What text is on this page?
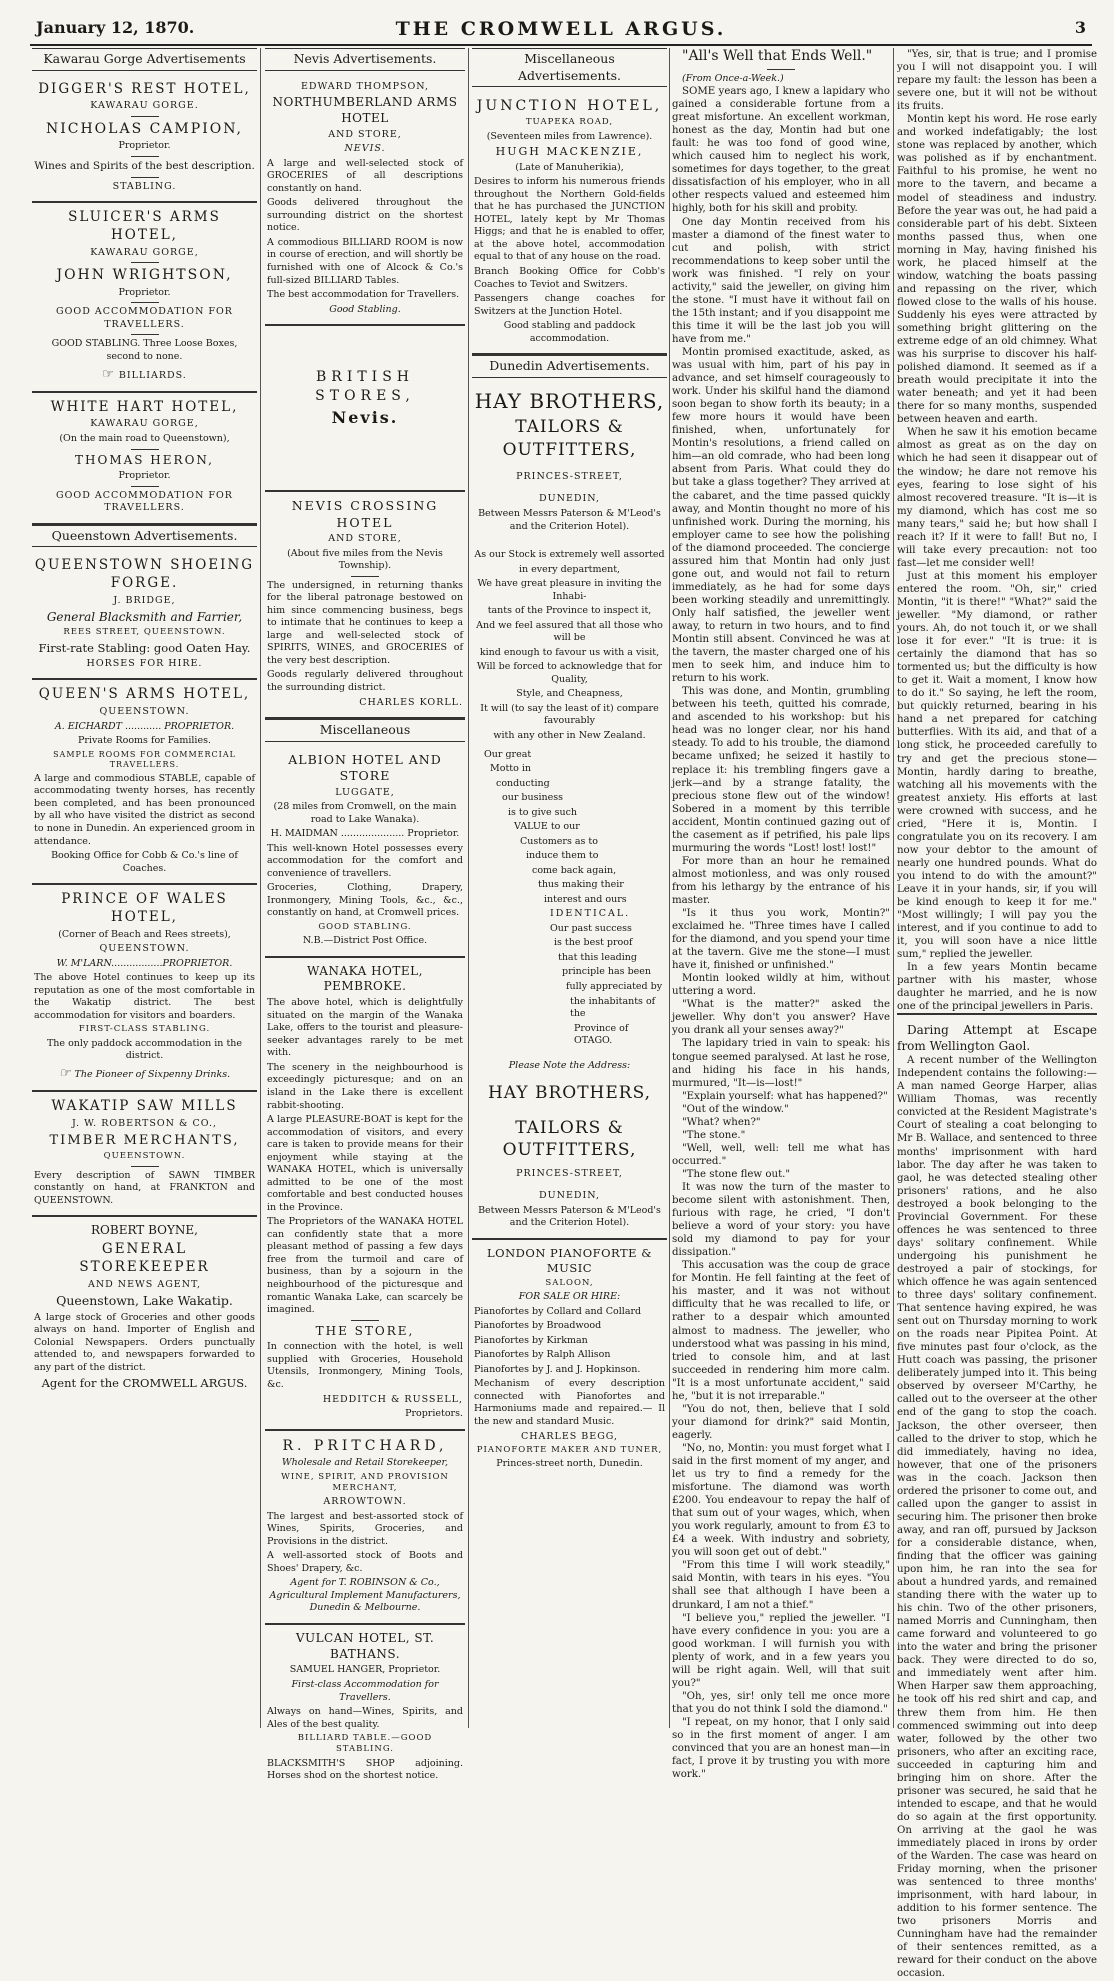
January 12, 1870.	THE CROMWELL ARGUS.	3
Kawarau Gorge Advertisements

DIGGER'S REST HOTEL,

KAWARAU GORGE.

NICHOLAS CAMPION,

Proprietor.

Wines and Spirits of the best description.

STABLING.

SLUICER'S ARMS HOTEL,

KAWARAU GORGE,

JOHN WRIGHTSON,

Proprietor.

GOOD ACCOMMODATION FOR TRAVELLERS.

GOOD STABLING. Three Loose Boxes, second to none.

☞ BILLIARDS.

WHITE HART HOTEL,

KAWARAU GORGE,

(On the main road to Queenstown),

THOMAS HERON,

Proprietor.

GOOD ACCOMMODATION FOR TRAVELLERS.

Queenstown Advertisements.

QUEENSTOWN SHOEING FORGE.

J. BRIDGE,

General Blacksmith and Farrier,

REES STREET, QUEENSTOWN.

First-rate Stabling: good Oaten Hay.

HORSES FOR HIRE.

QUEEN'S ARMS HOTEL,

QUEENSTOWN.

A. EICHARDT ............ PROPRIETOR.

Private Rooms for Families.

SAMPLE ROOMS FOR COMMERCIAL TRAVELLERS.

A large and commodious STABLE, capable of accommodating twenty horses, has recently been completed, and has been pronounced by all who have visited the district as second to none in Dunedin. An experienced groom in attendance.

Booking Office for Cobb & Co.'s line of Coaches.

PRINCE OF WALES HOTEL,

(Corner of Beach and Rees streets),

QUEENSTOWN.

W. M'LARN.................PROPRIETOR.

The above Hotel continues to keep up its reputation as one of the most comfortable in the Wakatip district. The best accommodation for visitors and boarders.

FIRST-CLASS STABLING.

The only paddock accommodation in the district.

☞ The Pioneer of Sixpenny Drinks.

WAKATIP SAW MILLS

J. W. ROBERTSON & CO.,

TIMBER MERCHANTS,

QUEENSTOWN.

Every description of SAWN TIMBER constantly on hand, at FRANKTON and QUEENSTOWN.

ROBERT BOYNE,

GENERAL STOREKEEPER

AND NEWS AGENT,

Queenstown, Lake Wakatip.

A large stock of Groceries and other goods always on hand. Importer of English and Colonial Newspapers. Orders punctually attended to, and newspapers forwarded to any part of the district.

Agent for the CROMWELL ARGUS.

Nevis Advertisements.

EDWARD THOMPSON,

NORTHUMBERLAND ARMS HOTEL

AND STORE,

NEVIS.

A large and well-selected stock of GROCERIES of all descriptions constantly on hand.

Goods delivered throughout the surrounding district on the shortest notice.

A commodious BILLIARD ROOM is now in course of erection, and will shortly be furnished with one of Alcock & Co.'s full-sized BILLIARD Tables.

The best accommodation for Travellers.

Good Stabling.

BRITISH STORES,

Nevis.

NEVIS CROSSING HOTEL

AND STORE,

(About five miles from the Nevis Township).

The undersigned, in returning thanks for the liberal patronage bestowed on him since commencing business, begs to intimate that he continues to keep a large and well-selected stock of SPIRITS, WINES, and GROCERIES of the very best description.

Goods regularly delivered throughout the surrounding district.

CHARLES KORLL.

Miscellaneous

ALBION HOTEL AND STORE

LUGGATE,

(28 miles from Cromwell, on the main road to Lake Wanaka).

H. MAIDMAN ..................... Proprietor.

This well-known Hotel possesses every accommodation for the comfort and convenience of travellers.

Groceries, Clothing, Drapery, Ironmongery, Mining Tools, &c., &c., constantly on hand, at Cromwell prices.

GOOD STABLING.

N.B.—District Post Office.

WANAKA HOTEL, PEMBROKE.

The above hotel, which is delightfully situated on the margin of the Wanaka Lake, offers to the tourist and pleasure-seeker advantages rarely to be met with.

The scenery in the neighbourhood is exceedingly picturesque; and on an island in the Lake there is excellent rabbit-shooting.

A large PLEASURE-BOAT is kept for the accommodation of visitors, and every care is taken to provide means for their enjoyment while staying at the WANAKA HOTEL, which is universally admitted to be one of the most comfortable and best conducted houses in the Province.

The Proprietors of the WANAKA HOTEL can confidently state that a more pleasant method of passing a few days free from the turmoil and care of business, than by a sojourn in the neighbourhood of the picturesque and romantic Wanaka Lake, can scarcely be imagined.

THE STORE,

In connection with the hotel, is well supplied with Groceries, Household Utensils, Ironmongery, Mining Tools, &c.

HEDDITCH & RUSSELL,

Proprietors.

R. PRITCHARD,

Wholesale and Retail Storekeeper,

WINE, SPIRIT, AND PROVISION MERCHANT,

ARROWTOWN.

The largest and best-assorted stock of Wines, Spirits, Groceries, and Provisions in the district.

A well-assorted stock of Boots and Shoes' Drapery, &c.

Agent for T. ROBINSON & Co., Agricultural Implement Manufacturers, Dunedin & Melbourne.

VULCAN HOTEL, ST. BATHANS.

SAMUEL HANGER, Proprietor.

First-class Accommodation for Travellers.

Always on hand—Wines, Spirits, and Ales of the best quality.

BILLIARD TABLE.—GOOD STABLING.

BLACKSMITH'S SHOP adjoining. Horses shod on the shortest notice.

Miscellaneous Advertisements.

JUNCTION HOTEL,

TUAPEKA ROAD,

(Seventeen miles from Lawrence).

HUGH MACKENZIE,

(Late of Manuherikia),

Desires to inform his numerous friends throughout the Northern Gold-fields that he has purchased the JUNCTION HOTEL, lately kept by Mr Thomas Higgs; and that he is enabled to offer, at the above hotel, accommodation equal to that of any house on the road.

Branch Booking Office for Cobb's Coaches to Teviot and Switzers.

Passengers change coaches for Switzers at the Junction Hotel.

Good stabling and paddock accommodation.

Dunedin Advertisements.

HAY BROTHERS,

TAILORS & OUTFITTERS,

PRINCES-STREET,

DUNEDIN,

Between Messrs Paterson & M'Leod's and the Criterion Hotel).

As our Stock is extremely well assorted

in every department,

We have great pleasure in inviting the Inhabi-

tants of the Province to inspect it,

And we feel assured that all those who will be

kind enough to favour us with a visit,

Will be forced to acknowledge that for Quality,

Style, and Cheapness,

It will (to say the least of it) compare favourably

with any other in New Zealand.

Our great

Motto in

conducting

our business

is to give such

VALUE to our

Customers as to

induce them to

come back again,

thus making their

interest and ours

IDENTICAL.

Our past success

is the best proof

that this leading

principle has been

fully appreciated by

the inhabitants of the

Province of OTAGO.

Please Note the Address:

HAY BROTHERS,

TAILORS & OUTFITTERS,

PRINCES-STREET,

DUNEDIN,

Between Messrs Paterson & M'Leod's and the Criterion Hotel).

LONDON PIANOFORTE & MUSIC

SALOON,

FOR SALE OR HIRE:

Pianofortes by Collard and Collard

Pianofortes by Broadwood

Pianofortes by Kirkman

Pianofortes by Ralph Allison

Pianofortes by J. and J. Hopkinson.

Mechanism of every description connected with Pianofortes and Harmoniums made and repaired.— Il the new and standard Music.

CHARLES BEGG,

PIANOFORTE MAKER AND TUNER,

Princes-street north, Dunedin.

"All's Well that Ends Well."

(From Once-a-Week.)

SOME years ago, I knew a lapidary who gained a considerable fortune from a great misfortune. An excellent workman, honest as the day, Montin had but one fault: he was too fond of good wine, which caused him to neglect his work, sometimes for days together, to the great dissatisfaction of his employer, who in all other respects valued and esteemed him highly, both for his skill and probity.

One day Montin received from his master a diamond of the finest water to cut and polish, with strict recommendations to keep sober until the work was finished. "I rely on your activity," said the jeweller, on giving him the stone. "I must have it without fail on the 15th instant; and if you disappoint me this time it will be the last job you will have from me."

Montin promised exactitude, asked, as was usual with him, part of his pay in advance, and set himself courageously to work. Under his skilful hand the diamond soon began to show forth its beauty; in a few more hours it would have been finished, when, unfortunately for Montin's resolutions, a friend called on him—an old comrade, who had been long absent from Paris. What could they do but take a glass together? They arrived at the cabaret, and the time passed quickly away, and Montin thought no more of his unfinished work. During the morning, his employer came to see how the polishing of the diamond proceeded. The concierge assured him that Montin had only just gone out, and would not fail to return immediately, as he had for some days been working steadily and unremittingly. Only half satisfied, the jeweller went away, to return in two hours, and to find Montin still absent. Convinced he was at the tavern, the master charged one of his men to seek him, and induce him to return to his work.

This was done, and Montin, grumbling between his teeth, quitted his comrade, and ascended to his workshop: but his head was no longer clear, nor his hand steady. To add to his trouble, the diamond became unfixed; he seized it hastily to replace it: his trembling fingers gave a jerk—and by a strange fatality, the precious stone flew out of the window! Sobered in a moment by this terrible accident, Montin continued gazing out of the casement as if petrified, his pale lips murmuring the words "Lost! lost! lost!"

For more than an hour he remained almost motionless, and was only roused from his lethargy by the entrance of his master.

"Is it thus you work, Montin?" exclaimed he. "Three times have I called for the diamond, and you spend your time at the tavern. Give me the stone—I must have it, finished or unfinished."

Montin looked wildly at him, without uttering a word.

"What is the matter?" asked the jeweller. Why don't you answer? Have you drank all your senses away?"

The lapidary tried in vain to speak: his tongue seemed paralysed. At last he rose, and hiding his face in his hands, murmured, "It—is—lost!"

"Explain yourself: what has happened?"

"Out of the window."

"What? when?"

"The stone."

"Well, well, well: tell me what has occurred."

"The stone flew out."

It was now the turn of the master to become silent with astonishment. Then, furious with rage, he cried, "I don't believe a word of your story: you have sold my diamond to pay for your dissipation."

This accusation was the coup de grace for Montin. He fell fainting at the feet of his master, and it was not without difficulty that he was recalled to life, or rather to a despair which amounted almost to madness. The jeweller, who understood what was passing in his mind, tried to console him, and at last succeeded in rendering him more calm. "It is a most unfortunate accident," said he, "but it is not irreparable."

"You do not, then, believe that I sold your diamond for drink?" said Montin, eagerly.

"No, no, Montin: you must forget what I said in the first moment of my anger, and let us try to find a remedy for the misfortune. The diamond was worth £200. You endeavour to repay the half of that sum out of your wages, which, when you work regularly, amount to from £3 to £4 a week. With industry and sobriety, you will soon get out of debt."

"From this time I will work steadily," said Montin, with tears in his eyes. "You shall see that although I have been a drunkard, I am not a thief."

"I believe you," replied the jeweller. "I have every confidence in you: you are a good workman. I will furnish you with plenty of work, and in a few years you will be right again. Well, will that suit you?"

"Oh, yes, sir! only tell me once more that you do not think I sold the diamond."

"I repeat, on my honor, that I only said so in the first moment of anger. I am convinced that you are an honest man—in fact, I prove it by trusting you with more work."

"Yes, sir, that is true; and I promise you I will not disappoint you. I will repare my fault: the lesson has been a severe one, but it will not be without its fruits.

Montin kept his word. He rose early and worked indefatigably; the lost stone was replaced by another, which was polished as if by enchantment. Faithful to his promise, he went no more to the tavern, and became a model of steadiness and industry. Before the year was out, he had paid a considerable part of his debt. Sixteen months passed thus, when one morning in May, having finished his work, he placed himself at the window, watching the boats passing and repassing on the river, which flowed close to the walls of his house. Suddenly his eyes were attracted by something bright glittering on the extreme edge of an old chimney. What was his surprise to discover his half-polished diamond. It seemed as if a breath would precipitate it into the water beneath; and yet it had been there for so many months, suspended between heaven and earth.

When he saw it his emotion became almost as great as on the day on which he had seen it disappear out of the window; he dare not remove his eyes, fearing to lose sight of his almost recovered treasure. "It is—it is my diamond, which has cost me so many tears," said he; but how shall I reach it? If it were to fall! But no, I will take every precaution: not too fast—let me consider well!

Just at this moment his employer entered the room. "Oh, sir," cried Montin, "it is there!" "What?" said the jeweller. "My diamond, or rather yours. Ah, do not touch it, or we shall lose it for ever." "It is true: it is certainly the diamond that has so tormented us; but the difficulty is how to get it. Wait a moment, I know how to do it." So saying, he left the room, but quickly returned, bearing in his hand a net prepared for catching butterflies. With its aid, and that of a long stick, he proceeded carefully to try and get the precious stone—Montin, hardly daring to breathe, watching all his movements with the greatest anxiety. His efforts at last were crowned with success, and he cried, "Here it is, Montin. I congratulate you on its recovery. I am now your debtor to the amount of nearly one hundred pounds. What do you intend to do with the amount?" Leave it in your hands, sir, if you will be kind enough to keep it for me." "Most willingly; I will pay you the interest, and if you continue to add to it, you will soon have a nice little sum," replied the jeweller.

In a few years Montin became partner with his master, whose daughter he married, and he is now one of the principal jewellers in Paris.

Daring Attempt at Escape from Wellington Gaol.

A recent number of the Wellington Independent contains the following:—A man named George Harper, alias William Thomas, was recently convicted at the Resident Magistrate's Court of stealing a coat belonging to Mr B. Wallace, and sentenced to three months' imprisonment with hard labor. The day after he was taken to gaol, he was detected stealing other prisoners' rations, and he also destroyed a book belonging to the Provincial Government. For these offences he was sentenced to three days' solitary confinement. While undergoing his punishment he destroyed a pair of stockings, for which offence he was again sentenced to three days' solitary confinement. That sentence having expired, he was sent out on Thursday morning to work on the roads near Pipitea Point. At five minutes past four o'clock, as the Hutt coach was passing, the prisoner deliberately jumped into it. This being observed by overseer M'Carthy, he called out to the overseer at the other end of the gang to stop the coach. Jackson, the other overseer, then called to the driver to stop, which he did immediately, having no idea, however, that one of the prisoners was in the coach. Jackson then ordered the prisoner to come out, and called upon the ganger to assist in securing him. The prisoner then broke away, and ran off, pursued by Jackson for a considerable distance, when, finding that the officer was gaining upon him, he ran into the sea for about a hundred yards, and remained standing there with the water up to his chin. Two of the other prisoners, named Morris and Cunningham, then came forward and volunteered to go into the water and bring the prisoner back. They were directed to do so, and immediately went after him. When Harper saw them approaching, he took off his red shirt and cap, and threw them from him. He then commenced swimming out into deep water, followed by the other two prisoners, who after an exciting race, succeeded in capturing him and bringing him on shore. After the prisoner was secured, he said that he intended to escape, and that he would do so again at the first opportunity. On arriving at the gaol he was immediately placed in irons by order of the Warden. The case was heard on Friday morning, when the prisoner was sentenced to three months' imprisonment, with hard labour, in addition to his former sentence. The two prisoners Morris and Cunningham have had the remainder of their sentences remitted, as a reward for their conduct on the above occasion.
